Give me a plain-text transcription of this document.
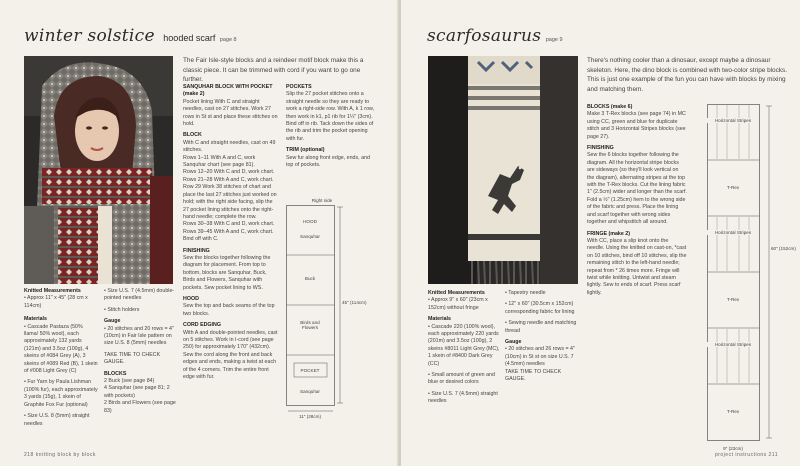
winter solstice hooded scarf page 8
Knitted Measurements

• Approx 11" x 45" (28 cm x 114cm)

Materials

• Cascade Pastaza (50% llama/ 50% wool), each approximately 132 yards (121m) and 3.5oz (100g), 4 skeins of #084 Grey (A), 3 skeins of #089 Red (B), 1 skein of #008 Light Grey (C)

• Fur Yarn by Paula Lishman (100% fur), each approximately 3 yards (15g), 1 skein of Graphite Fox Fur (optional)

• Size U.S. 8 (5mm) straight needles

• Size U.S. 7 (4.5mm) double-pointed needles

• Stitch holders

Gauge

• 20 stitches and 20 rows = 4" (10cm) in Fair Isle pattern on size U.S. 8 (5mm) needles

TAKE TIME TO CHECK GAUGE.

BLOCKS

2 Buck (see page 84)

4 Sanquhar (see page 81; 2 with pockets)

2 Birds and Flowers (see page 83)

The Fair Isle-style blocks and a reindeer motif block make this a classic piece. It can be trimmed with cord if you want to go one further.
SANQUHAR BLOCK WITH POCKET
(make 2)

Pocket lining With C and straight needles, cast on 27 stitches. Work 27 rows in St st and place these stitches on hold.

BLOCK

With C and straight needles, cast on 49 stitches.

Rows 1–11 With A and C, work Sanquhar chart (see page 81).

Rows 12–20 With C and D, work chart.

Rows 21–28 With A and C, work chart.

Row 29 Work 38 stitches of chart and place the last 27 stitches just worked on hold; with the right side facing, slip the 27 pocket lining stitches onto the right-hand needle; complete the row.

Rows 30–38 With C and D, work chart.

Rows 39–45 With A and C, work chart. Bind off with C.

FINISHING

Sew the blocks together following the diagram for placement. From top to bottom, blocks are Sanquhar, Buck, Birds and Flowers, Sanquhar with pockets. Sew pocket lining to WS.

HOOD

Sew the top and back seams of the top two blocks.

CORD EDGING

With A and double-pointed needles, cast on 5 stitches. Work in I-cord (see page 250) for approximately 170" (432cm). Sew the cord along the front and back edges and ends, making a twist at each of the 4 corners. Trim the entire front edge with fur.

POCKETS

Slip the 27 pocket stitches onto a straight needle so they are ready to work a right-side row. With A, k 1 row, then work in k1, p1 rib for 1¼" (3cm). Bind off in rib. Tack down the sides of the rib and trim the pocket opening with fur.

TRIM (optional)

Sew fur along front edge, ends, and top of pockets.

Right side
HOOD
Sanquhar
Buck
Birds and Flowers
POCKET
Sanquhar
45" (114cm)
11" (28cm)
218 knitting block by block
scarfosaurus page 9
There's nothing cooler than a dinosaur, except maybe a dinosaur skeleton. Here, the dino block is combined with two-color stripe blocks. This is just one example of the fun you can have with blocks by mixing and matching them.
Knitted Measurements

• Approx 9" x 60" (23cm x 152cm) without fringe

Materials

• Cascade 220 (100% wool), each approximately 220 yards (201m) and 3.5oz (100g), 2 skeins #8011 Light Grey (MC), 1 skein of #8400 Dark Grey (CC)

• Small amount of green and blue or desired colors

• Size U.S. 7 (4.5mm) straight needles

• Tapestry needle

• 12" x 60" (30.5cm x 152cm) corresponding fabric for lining

• Sewing needle and matching thread

Gauge

• 20 stitches and 26 rows = 4" (10cm) in St st on size U.S. 7 (4.5mm) needles

TAKE TIME TO CHECK GAUGE.

BLOCKS (make 6)

Make 3 T-Rex blocks (see page 74) in MC using CC, green and blue for duplicate stitch and 3 Horizontal Stripes blocks (see page 27).

FINISHING

Sew the 6 blocks together following the diagram. All the horizontal stripe blocks are sideways (so they'll look vertical on the diagram), alternating stripes at the top with the T-Rex blocks. Cut the lining fabric 1" (2.5cm) wider and longer than the scarf. Fold a ½" (1.25cm) hem to the wrong side of the fabric and press. Place the lining and scarf together with wrong sides together and whipstitch all around.

FRINGE (make 2)

With CC, place a slip knot onto the needle. Using the knitted on cast-on, *cast on 10 stitches, bind off 10 stitches, slip the remaining stitch to the left-hand needle; repeat from * 26 times more. Fringe will twist while knitting. Untwist and steam lightly. Sew to ends of scarf. Press scarf lightly.

Horizontal Stripes
T-Rex
Horizontal Stripes
T-Rex
Horizontal Stripes
T-Rex
60" (152cm)
9" (23cm)
project instructions 211
